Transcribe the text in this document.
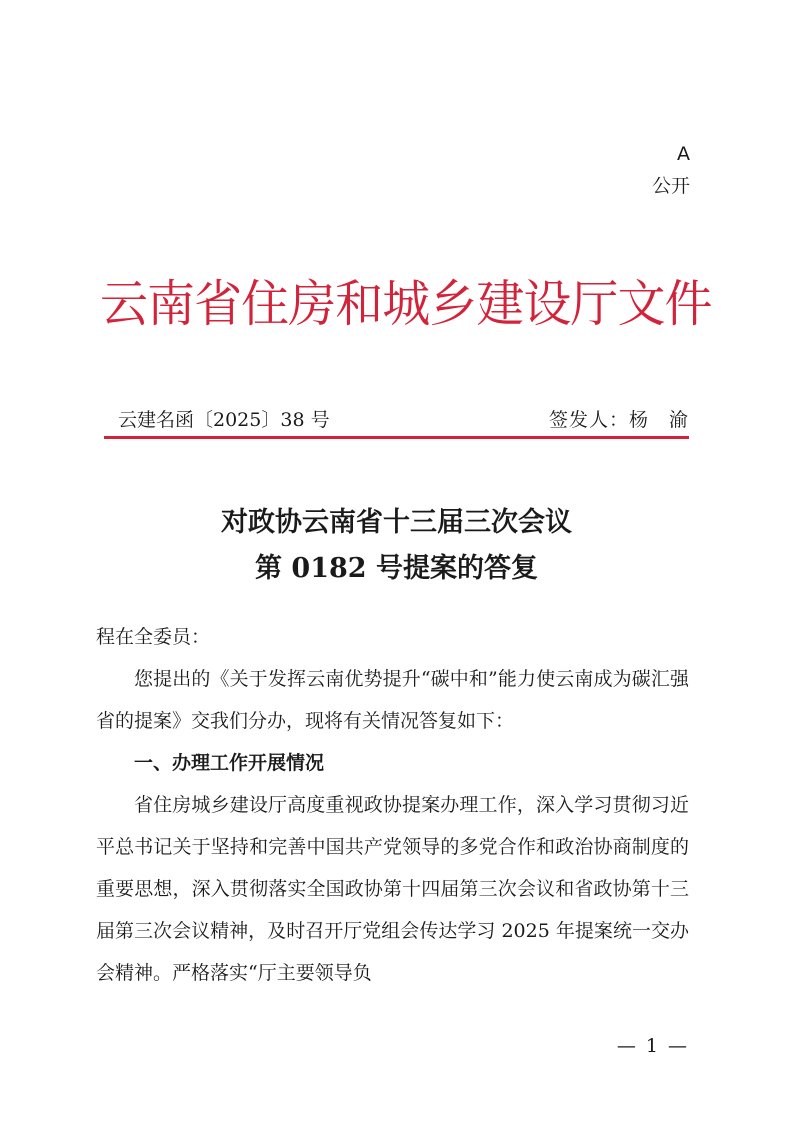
A
公开
云南省住房和城乡建设厅文件
云建名函〔2025〕38 号	签发人：杨　渝
对政协云南省十三届三次会议
第 0182 号提案的答复

程在全委员：

您提出的《关于发挥云南优势提升“碳中和”能力使云南成为碳汇强省的提案》交我们分办，现将有关情况答复如下：

一、办理工作开展情况

省住房城乡建设厅高度重视政协提案办理工作，深入学习贯彻习近平总书记关于坚持和完善中国共产党领导的多党合作和政治协商制度的重要思想，深入贯彻落实全国政协第十四届第三次会议和省政协第十三届第三次会议精神，及时召开厅党组会传达学习 2025 年提案统一交办会精神。严格落实“厅主要领导负

— 1 —
